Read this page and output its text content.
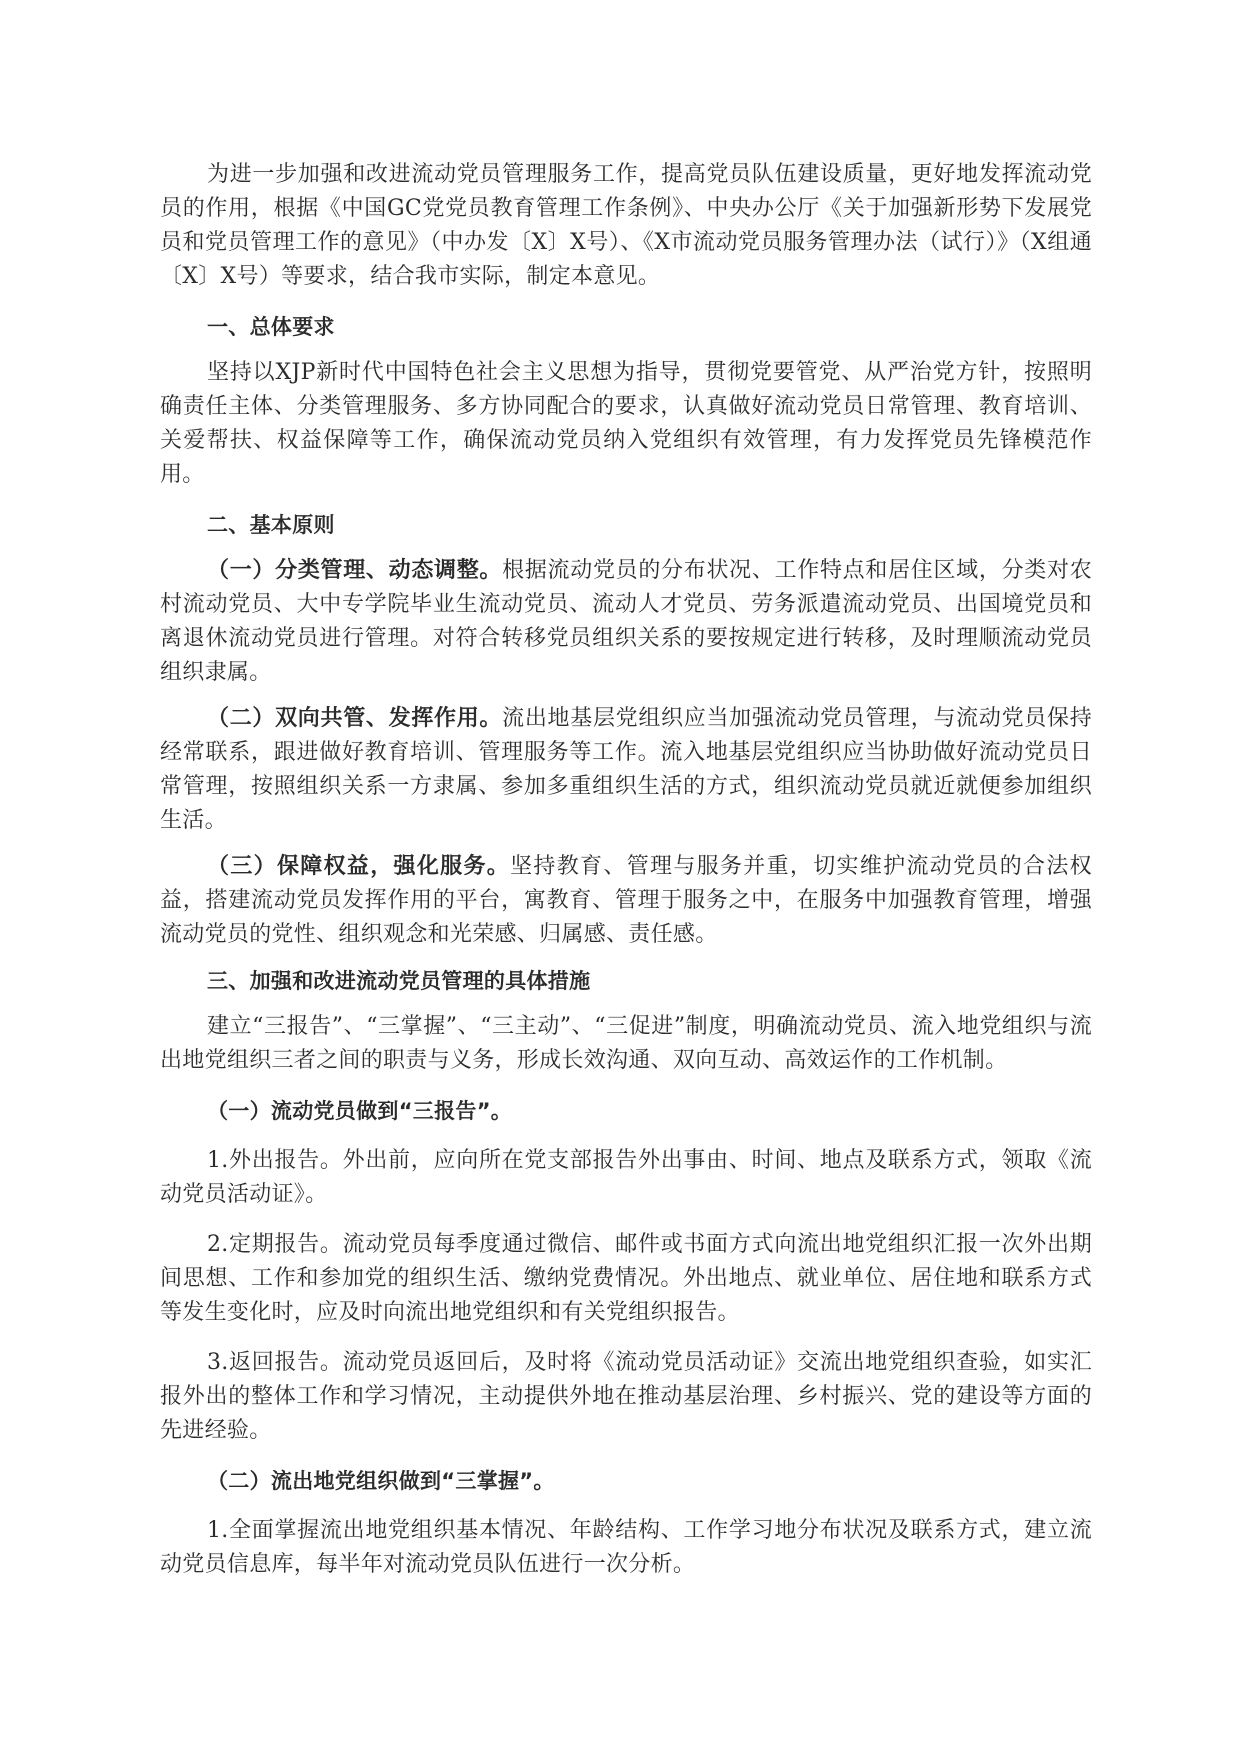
为进一步加强和改进流动党员管理服务工作，提高党员队伍建设质量，更好地发挥流动党员的作用，根据《中国GC党党员教育管理工作条例》、中央办公厅《关于加强新形势下发展党员和党员管理工作的意见》（中办发〔X〕X号）、《X市流动党员服务管理办法（试行）》（X组通〔X〕X号）等要求，结合我市实际，制定本意见。

一、总体要求

坚持以XJP新时代中国特色社会主义思想为指导，贯彻党要管党、从严治党方针，按照明确责任主体、分类管理服务、多方协同配合的要求，认真做好流动党员日常管理、教育培训、关爱帮扶、权益保障等工作，确保流动党员纳入党组织有效管理，有力发挥党员先锋模范作用。

二、基本原则

（一）分类管理、动态调整。根据流动党员的分布状况、工作特点和居住区域，分类对农村流动党员、大中专学院毕业生流动党员、流动人才党员、劳务派遣流动党员、出国境党员和离退休流动党员进行管理。对符合转移党员组织关系的要按规定进行转移，及时理顺流动党员组织隶属。

（二）双向共管、发挥作用。流出地基层党组织应当加强流动党员管理，与流动党员保持经常联系，跟进做好教育培训、管理服务等工作。流入地基层党组织应当协助做好流动党员日常管理，按照组织关系一方隶属、参加多重组织生活的方式，组织流动党员就近就便参加组织生活。

（三）保障权益，强化服务。坚持教育、管理与服务并重，切实维护流动党员的合法权益，搭建流动党员发挥作用的平台，寓教育、管理于服务之中，在服务中加强教育管理，增强流动党员的党性、组织观念和光荣感、归属感、责任感。

三、加强和改进流动党员管理的具体措施

建立“三报告”、“三掌握”、“三主动”、“三促进”制度，明确流动党员、流入地党组织与流出地党组织三者之间的职责与义务，形成长效沟通、双向互动、高效运作的工作机制。

（一）流动党员做到“三报告”。

1.外出报告。外出前，应向所在党支部报告外出事由、时间、地点及联系方式，领取《流动党员活动证》。

2.定期报告。流动党员每季度通过微信、邮件或书面方式向流出地党组织汇报一次外出期间思想、工作和参加党的组织生活、缴纳党费情况。外出地点、就业单位、居住地和联系方式等发生变化时，应及时向流出地党组织和有关党组织报告。

3.返回报告。流动党员返回后，及时将《流动党员活动证》交流出地党组织查验，如实汇报外出的整体工作和学习情况，主动提供外地在推动基层治理、乡村振兴、党的建设等方面的先进经验。

（二）流出地党组织做到“三掌握”。

1.全面掌握流出地党组织基本情况、年龄结构、工作学习地分布状况及联系方式，建立流动党员信息库，每半年对流动党员队伍进行一次分析。
